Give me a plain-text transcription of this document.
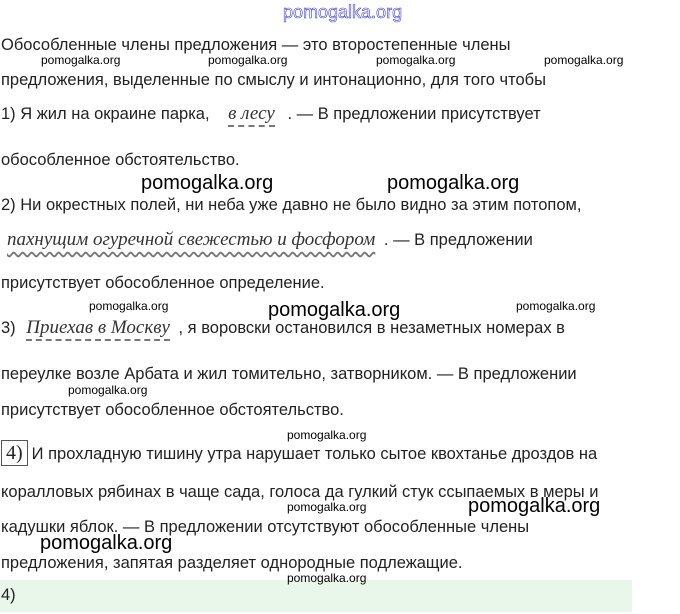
pomogalka.org
Обособленные члены предложения — это второстепенные члены
pomogalka.org	pomogalka.org	pomogalka.org	pomogalka.org
предложения, выделенные по смыслу и интонационно, для того чтобы
1) Я жил на окраине парка, в лесу . — В предложении присутствует
обособленное обстоятельство.
pomogalka.org	pomogalka.org
2) Ни окрестных полей, ни неба уже давно не было видно за этим потопом,
пахнущим огуречной свежестью и фосфором . — В предложении
присутствует обособленное определение.
pomogalka.org	pomogalka.org	pomogalka.org
3) Приехав в Москву , я воровски остановился в незаметных номерах в
переулке возле Арбата и жил томительно, затворником. — В предложении
pomogalka.org
присутствует обособленное обстоятельство.
pomogalka.org
4) И прохладную тишину утра нарушает только сытое квохтанье дроздов на
коралловых рябинах в чаще сада, голоса да гулкий стук ссыпаемых в меры и
pomogalka.org	pomogalka.org
кадушки яблок. — В предложении отсутствуют обособленные члены
pomogalka.org
предложения, запятая разделяет однородные подлежащие.
pomogalka.org
4)
